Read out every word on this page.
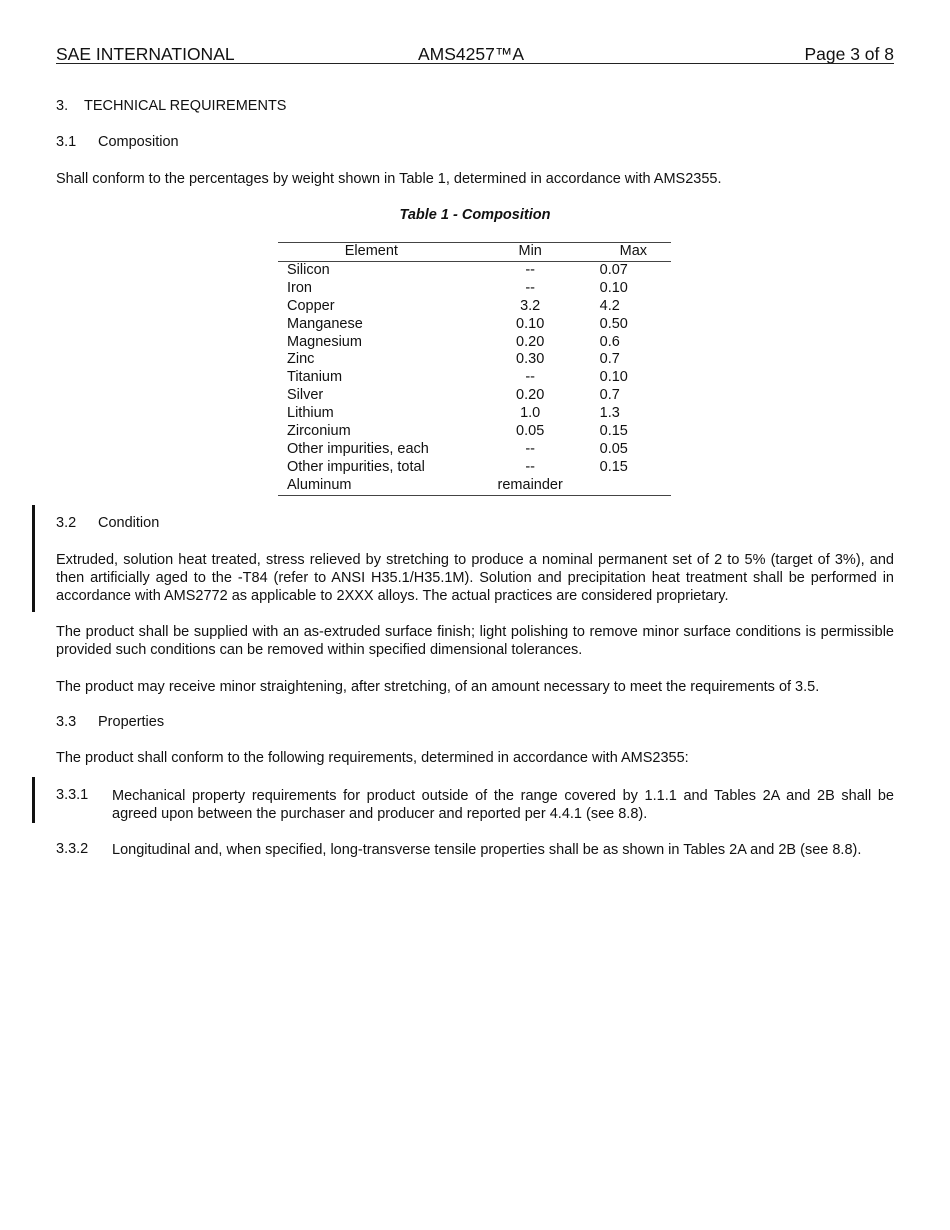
SAE INTERNATIONAL	AMS4257™A	Page 3 of 8
3. TECHNICAL REQUIREMENTS
3.1 Composition
Shall conform to the percentages by weight shown in Table 1, determined in accordance with AMS2355.
Table 1 - Composition
Element	Min	Max
Silicon	--	0.07
Iron	--	0.10
Copper	3.2	4.2
Manganese	0.10	0.50
Magnesium	0.20	0.6
Zinc	0.30	0.7
Titanium	--	0.10
Silver	0.20	0.7
Lithium	1.0	1.3
Zirconium	0.05	0.15
Other impurities, each	--	0.05
Other impurities, total	--	0.15
Aluminum	remainder	
3.2 Condition
Extruded, solution heat treated, stress relieved by stretching to produce a nominal permanent set of 2 to 5% (target of 3%), and then artificially aged to the -T84 (refer to ANSI H35.1/H35.1M). Solution and precipitation heat treatment shall be performed in accordance with AMS2772 as applicable to 2XXX alloys. The actual practices are considered proprietary.
The product shall be supplied with an as-extruded surface finish; light polishing to remove minor surface conditions is permissible provided such conditions can be removed within specified dimensional tolerances.
The product may receive minor straightening, after stretching, of an amount necessary to meet the requirements of 3.5.
3.3 Properties
The product shall conform to the following requirements, determined in accordance with AMS2355:
3.3.1 Mechanical property requirements for product outside of the range covered by 1.1.1 and Tables 2A and 2B shall be agreed upon between the purchaser and producer and reported per 4.4.1 (see 8.8).
3.3.2 Longitudinal and, when specified, long-transverse tensile properties shall be as shown in Tables 2A and 2B (see 8.8).
